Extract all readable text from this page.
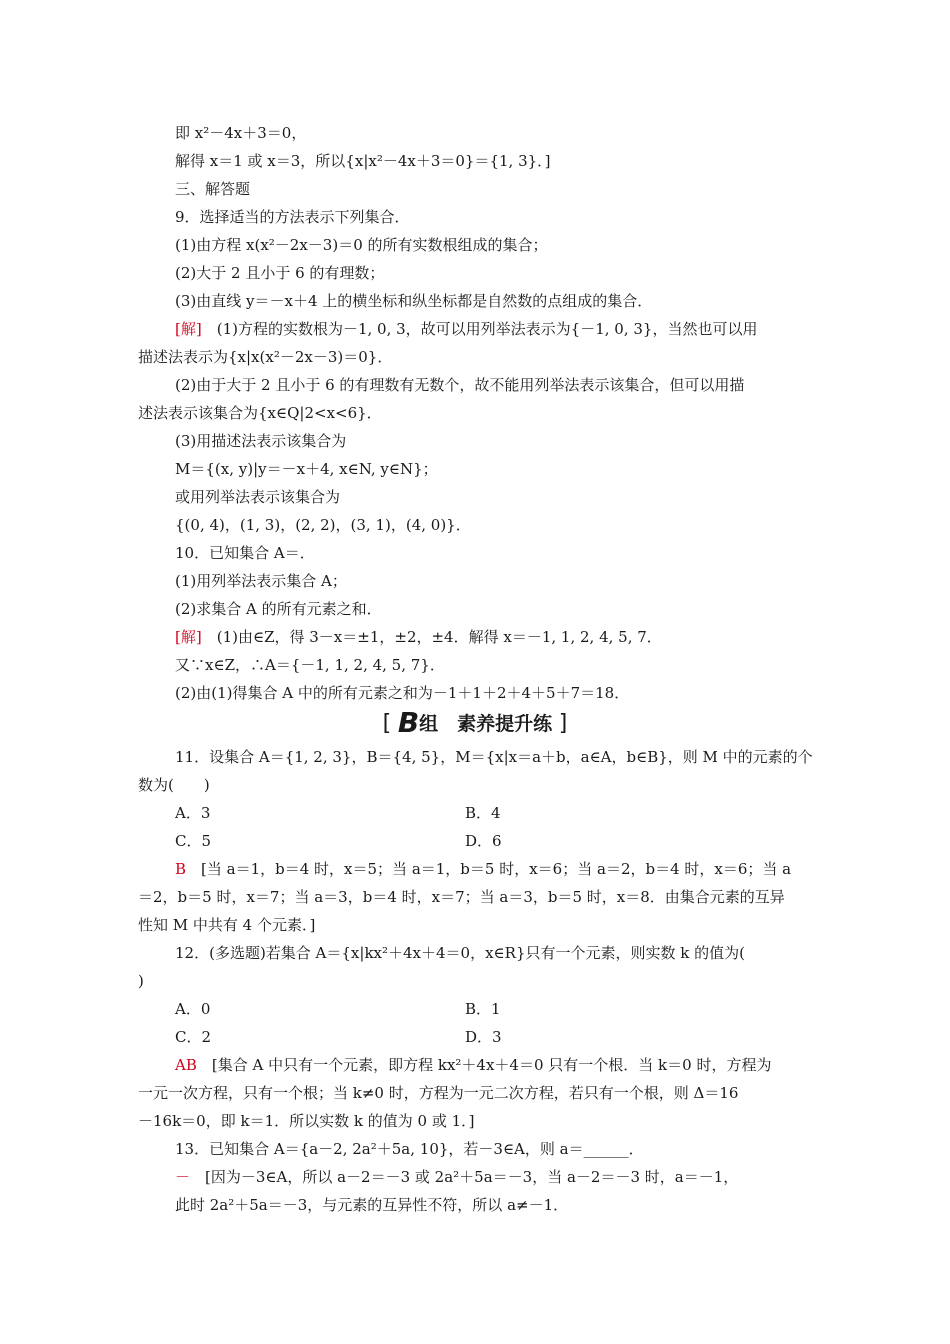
即 x²－4x＋3＝0，
解得 x＝1 或 x＝3，所以{x|x²－4x＋3＝0}＝{1, 3}．]
三、解答题
9．选择适当的方法表示下列集合．
(1)由方程 x(x²－2x－3)＝0 的所有实数根组成的集合；
(2)大于 2 且小于 6 的有理数；
(3)由直线 y＝－x＋4 上的横坐标和纵坐标都是自然数的点组成的集合．
[解]　(1)方程的实数根为－1, 0, 3，故可以用列举法表示为{－1, 0, 3}，当然也可以用
描述法表示为{x|x(x²－2x－3)＝0}．
(2)由于大于 2 且小于 6 的有理数有无数个，故不能用列举法表示该集合，但可以用描
述法表示该集合为{x∈Q|2<x<6}．
(3)用描述法表示该集合为
M＝{(x, y)|y＝－x＋4, x∈N, y∈N}；
或用列举法表示该集合为
{(0, 4)，(1, 3)，(2, 2)，(3, 1)，(4, 0)}．
10．已知集合 A＝．
(1)用列举法表示集合 A；
(2)求集合 A 的所有元素之和．
[解]　(1)由∈Z，得 3－x＝±1，±2，±4．解得 x＝－1, 1, 2, 4, 5, 7．
又∵x∈Z，∴A＝{－1, 1, 2, 4, 5, 7}．
(2)由(1)得集合 A 中的所有元素之和为－1＋1＋2＋4＋5＋7＝18．
[ B组　素养提升练 ]
11．设集合 A＝{1, 2, 3}，B＝{4, 5}，M＝{x|x＝a＋b，a∈A，b∈B}，则 M 中的元素的个
数为(　　)
A．3	B．4
C．5	D．6
B　[当 a＝1，b＝4 时，x＝5；当 a＝1，b＝5 时，x＝6；当 a＝2，b＝4 时，x＝6；当 a
＝2，b＝5 时，x＝7；当 a＝3，b＝4 时，x＝7；当 a＝3，b＝5 时，x＝8．由集合元素的互异
性知 M 中共有 4 个元素．]
12．(多选题)若集合 A＝{x|kx²＋4x＋4＝0，x∈R}只有一个元素，则实数 k 的值为(
)
A．0	B．1
C．2	D．3
AB　[集合 A 中只有一个元素，即方程 kx²＋4x＋4＝0 只有一个根．当 k＝0 时，方程为
一元一次方程，只有一个根；当 k≠0 时，方程为一元二次方程，若只有一个根，则 Δ＝16
－16k＝0，即 k＝1．所以实数 k 的值为 0 或 1．]
13．已知集合 A＝{a－2, 2a²＋5a, 10}，若－3∈A，则 a＝______．
－　[因为－3∈A，所以 a－2＝－3 或 2a²＋5a＝－3，当 a－2＝－3 时，a＝－1，
此时 2a²＋5a＝－3，与元素的互异性不符，所以 a≠－1．
